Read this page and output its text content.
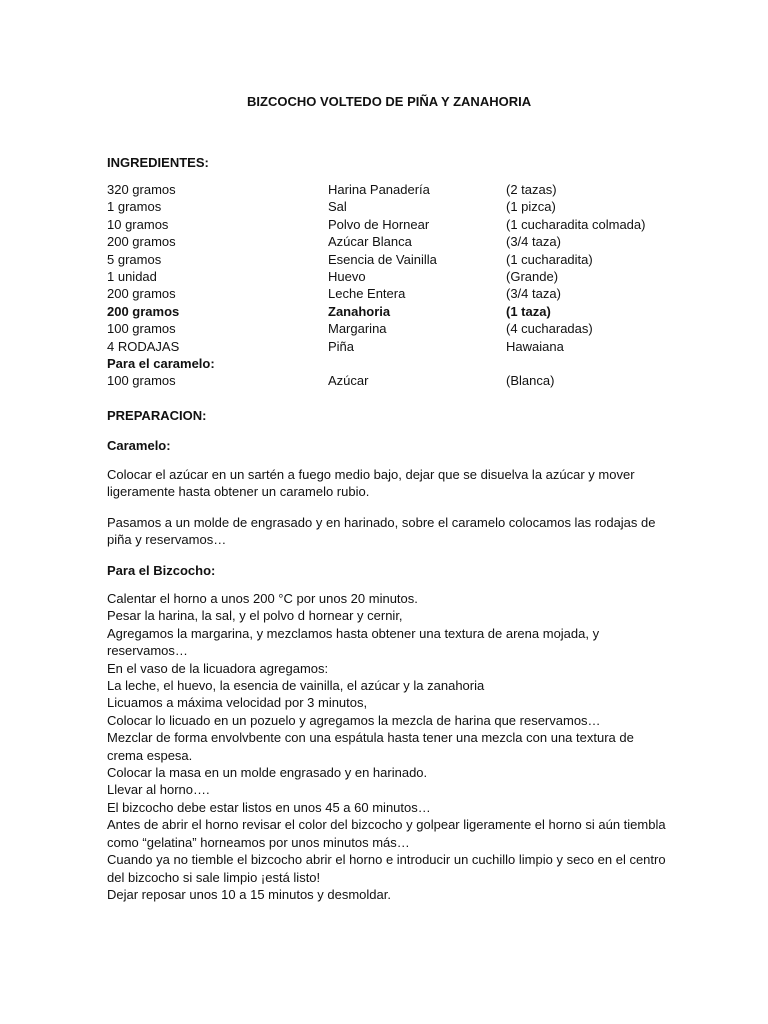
BIZCOCHO VOLTEDO DE PIÑA Y ZANAHORIA
INGREDIENTES:
320 gramos	Harina Panadería	(2 tazas)
1 gramos	Sal	(1 pizca)
10 gramos	Polvo de Hornear	(1 cucharadita colmada)
200 gramos	Azúcar Blanca	(3/4 taza)
5 gramos	Esencia de Vainilla	(1 cucharadita)
1 unidad	Huevo	(Grande)
200 gramos	Leche Entera	(3/4 taza)
200 gramos	Zanahoria	(1 taza)
100 gramos	Margarina	(4 cucharadas)
4 RODAJAS	Piña	Hawaiana
Para el caramelo:
100 gramos	Azúcar	(Blanca)
PREPARACION:
Caramelo:
Colocar el azúcar en un sartén a fuego medio bajo, dejar que se disuelva la azúcar y mover ligeramente hasta obtener un caramelo rubio.
Pasamos a un molde de engrasado y en harinado, sobre el caramelo colocamos las rodajas de piña y reservamos…
Para el Bizcocho:
Calentar el horno a unos 200 °C por unos 20 minutos.
Pesar la harina, la sal, y el polvo d hornear y cernir,
Agregamos la margarina, y mezclamos hasta obtener una textura de arena mojada, y reservamos…
En el vaso de la licuadora agregamos:
La leche, el huevo, la esencia de vainilla, el azúcar y la zanahoria
Licuamos a máxima velocidad por 3 minutos,
Colocar lo licuado en un pozuelo y agregamos la mezcla de harina que reservamos…
Mezclar de forma envolvbente con una espátula hasta tener una mezcla con una textura de crema espesa.
Colocar la masa en un molde engrasado y en harinado.
Llevar al horno….
El bizcocho debe estar listos en unos 45 a 60 minutos…
Antes de abrir el horno revisar el color del bizcocho y golpear ligeramente el horno si aún tiembla como “gelatina” horneamos por unos minutos más…
Cuando ya no tiemble el bizcocho abrir el horno e introducir un cuchillo limpio y seco en el centro del bizcocho si sale limpio ¡está listo!
Dejar reposar unos 10 a 15 minutos y desmoldar.
